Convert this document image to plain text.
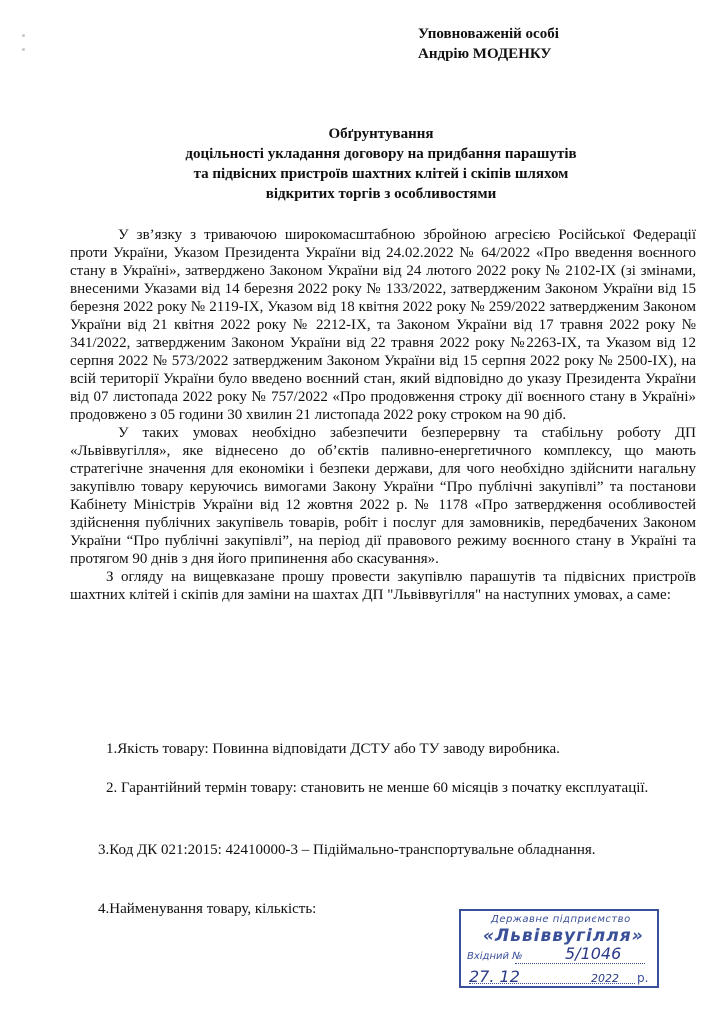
Уповноваженій особі
Андрію МОДЕНКУ
Обґрунтування
доцільності укладання договору на придбання парашутів
та підвісних пристроїв шахтних клітей і скіпів шляхом
відкритих торгів з особливостями

У зв’язку з триваючою широкомасштабною збройною агресією Російської Федерації проти України, Указом Президента України від 24.02.2022 № 64/2022 «Про введення воєнного стану в Україні», затверджено Законом України від 24 лютого 2022 року № 2102-IX (зі змінами, внесеними Указами від 14 березня 2022 року № 133/2022, затвердженим Законом України від 15 березня 2022 року № 2119-IX, Указом від 18 квітня 2022 року № 259/2022 затвердженим Законом України від 21 квітня 2022 року № 2212-IX, та Законом України від 17 травня 2022 року № 341/2022, затвердженим Законом України від 22 травня 2022 року №2263-IX, та Указом від 12 серпня 2022 № 573/2022 затвердженим Законом України від 15 серпня 2022 року № 2500-IX), на всій території України було введено воєнний стан, який відповідно до указу Президента України від 07 листопада 2022 року № 757/2022 «Про продовження строку дії воєнного стану в Україні» продовжено з 05 години 30 хвилин 21 листопада 2022 року строком на 90 діб.

У таких умовах необхідно забезпечити безперервну та стабільну роботу ДП «Львіввугілля», яке віднесено до об’єктів паливно-енергетичного комплексу, що мають стратегічне значення для економіки і безпеки держави, для чого необхідно здійснити нагальну закупівлю товару керуючись вимогами Закону України “Про публічні закупівлі” та постанови Кабінету Міністрів України від 12 жовтня 2022 р. № 1178 «Про затвердження особливостей здійснення публічних закупівель товарів, робіт і послуг для замовників, передбачених Законом України “Про публічні закупівлі”, на період дії правового режиму воєнного стану в Україні та протягом 90 днів з дня його припинення або скасування».

З огляду на вищевказане прошу провести закупівлю парашутів та підвісних пристроїв шахтних клітей і скіпів для заміни на шахтах ДП "Львіввугілля" на наступних умовах, а саме:

1.Якість товару: Повинна відповідати ДСТУ або ТУ заводу виробника.
2. Гарантійний термін товару: становить не менше 60 місяців з початку експлуатації.
3.Код ДК 021:2015: 42410000-3 – Підіймально-транспортувальне обладнання.
4.Найменування товару, кількість:
Державне підприємство
«Львіввугілля»
Вхідний №	5/1046
27. 12	2022 р.
